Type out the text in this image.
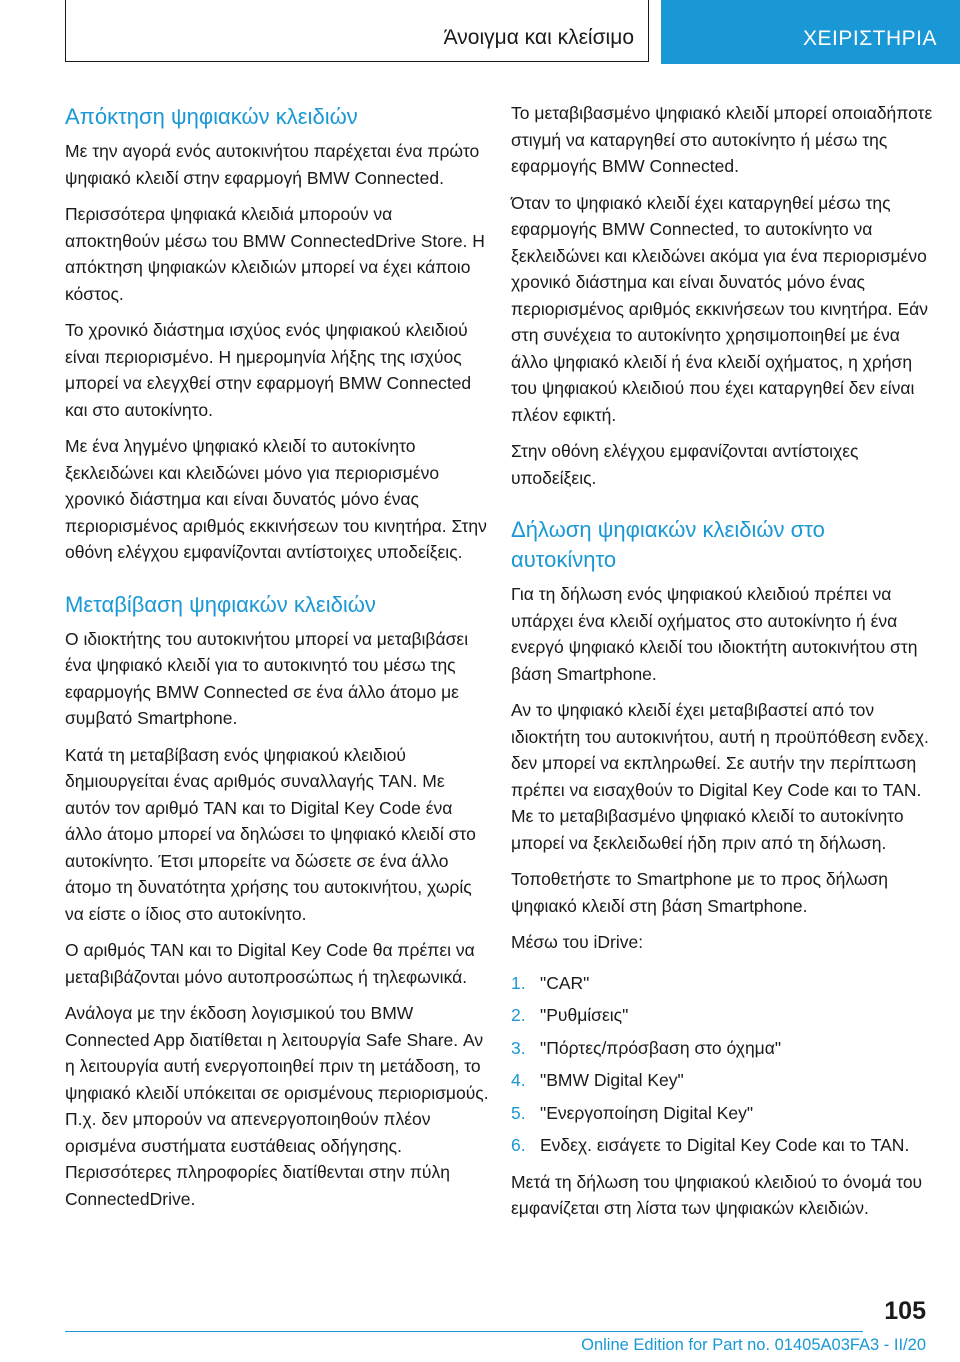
Άνοιγμα και κλείσιμο	ΧΕΙΡΙΣΤΗΡΙΑ
Απόκτηση ψηφιακών κλειδιών

Με την αγορά ενός αυτοκινήτου παρέχεται ένα πρώτο ψηφιακό κλειδί στην εφαρμογή BMW Connected.

Περισσότερα ψηφιακά κλειδιά μπορούν να αποκτηθούν μέσω του BMW ConnectedDrive Store. Η απόκτηση ψηφιακών κλειδιών μπορεί να έχει κάποιο κόστος.

Το χρονικό διάστημα ισχύος ενός ψηφιακού κλειδιού είναι περιορισμένο. Η ημερομηνία λήξης της ισχύος μπορεί να ελεγχθεί στην εφαρμογή BMW Connected και στο αυτοκίνητο.

Με ένα ληγμένο ψηφιακό κλειδί το αυτοκίνητο ξεκλειδώνει και κλειδώνει μόνο για περιορισμένο χρονικό διάστημα και είναι δυνατός μόνο ένας περιορισμένος αριθμός εκκινήσεων του κινητήρα. Στην οθόνη ελέγχου εμφανίζονται αντίστοιχες υποδείξεις.

Μεταβίβαση ψηφιακών κλειδιών

Ο ιδιοκτήτης του αυτοκινήτου μπορεί να μεταβιβάσει ένα ψηφιακό κλειδί για το αυτοκινητό του μέσω της εφαρμογής BMW Connected σε ένα άλλο άτομο με συμβατό Smartphone.

Κατά τη μεταβίβαση ενός ψηφιακού κλειδιού δημιουργείται ένας αριθμός συναλλαγής TAN. Με αυτόν τον αριθμό TAN και το Digital Key Code ένα άλλο άτομο μπορεί να δηλώσει το ψηφιακό κλειδί στο αυτοκίνητο. Έτσι μπορείτε να δώσετε σε ένα άλλο άτομο τη δυνατότητα χρήσης του αυτοκινήτου, χωρίς να είστε ο ίδιος στο αυτοκίνητο.

Ο αριθμός TAN και το Digital Key Code θα πρέπει να μεταβιβάζονται μόνο αυτοπροσώπως ή τηλεφωνικά.

Ανάλογα με την έκδοση λογισμικού του BMW Connected App διατίθεται η λειτουργία Safe Share. Αν η λειτουργία αυτή ενεργοποιηθεί πριν τη μετάδοση, το ψηφιακό κλειδί υπόκειται σε ορισμένους περιορισμούς. Π.χ. δεν μπορούν να απενεργοποιηθούν πλέον ορισμένα συστήματα ευστάθειας οδήγησης. Περισσότερες πληροφορίες διατίθενται στην πύλη ConnectedDrive.

Το μεταβιβασμένο ψηφιακό κλειδί μπορεί οποιαδήποτε στιγμή να καταργηθεί στο αυτοκίνητο ή μέσω της εφαρμογής BMW Connected.

Όταν το ψηφιακό κλειδί έχει καταργηθεί μέσω της εφαρμογής BMW Connected, το αυτοκίνητο να ξεκλειδώνει και κλειδώνει ακόμα για ένα περιορισμένο χρονικό διάστημα και είναι δυνατός μόνο ένας περιορισμένος αριθμός εκκινήσεων του κινητήρα. Εάν στη συνέχεια το αυτοκίνητο χρησιμοποιηθεί με ένα άλλο ψηφιακό κλειδί ή ένα κλειδί οχήματος, η χρήση του ψηφιακού κλειδιού που έχει καταργηθεί δεν είναι πλέον εφικτή.

Στην οθόνη ελέγχου εμφανίζονται αντίστοιχες υποδείξεις.

Δήλωση ψηφιακών κλειδιών στο αυτοκίνητο

Για τη δήλωση ενός ψηφιακού κλειδιού πρέπει να υπάρχει ένα κλειδί οχήματος στο αυτοκίνητο ή ένα ενεργό ψηφιακό κλειδί του ιδιοκτήτη αυτοκινήτου στη βάση Smartphone.

Αν το ψηφιακό κλειδί έχει μεταβιβαστεί από τον ιδιοκτήτη του αυτοκινήτου, αυτή η προϋπόθεση ενδεχ. δεν μπορεί να εκπληρωθεί. Σε αυτήν την περίπτωση πρέπει να εισαχθούν το Digital Key Code και το TAN. Με το μεταβιβασμένο ψηφιακό κλειδί το αυτοκίνητο μπορεί να ξεκλειδωθεί ήδη πριν από τη δήλωση.

Τοποθετήστε το Smartphone με το προς δήλωση ψηφιακό κλειδί στη βάση Smartphone.

Μέσω του iDrive:

1. "CAR"
2. "Ρυθμίσεις"
3. "Πόρτες/πρόσβαση στο όχημα"
4. "BMW Digital Key"
5. "Ενεργοποίηση Digital Key"
6. Ενδεχ. εισάγετε το Digital Key Code και το TAN.

Μετά τη δήλωση του ψηφιακού κλειδιού το όνομά του εμφανίζεται στη λίστα των ψηφιακών κλειδιών.

105
Online Edition for Part no. 01405A03FA3 - II/20
